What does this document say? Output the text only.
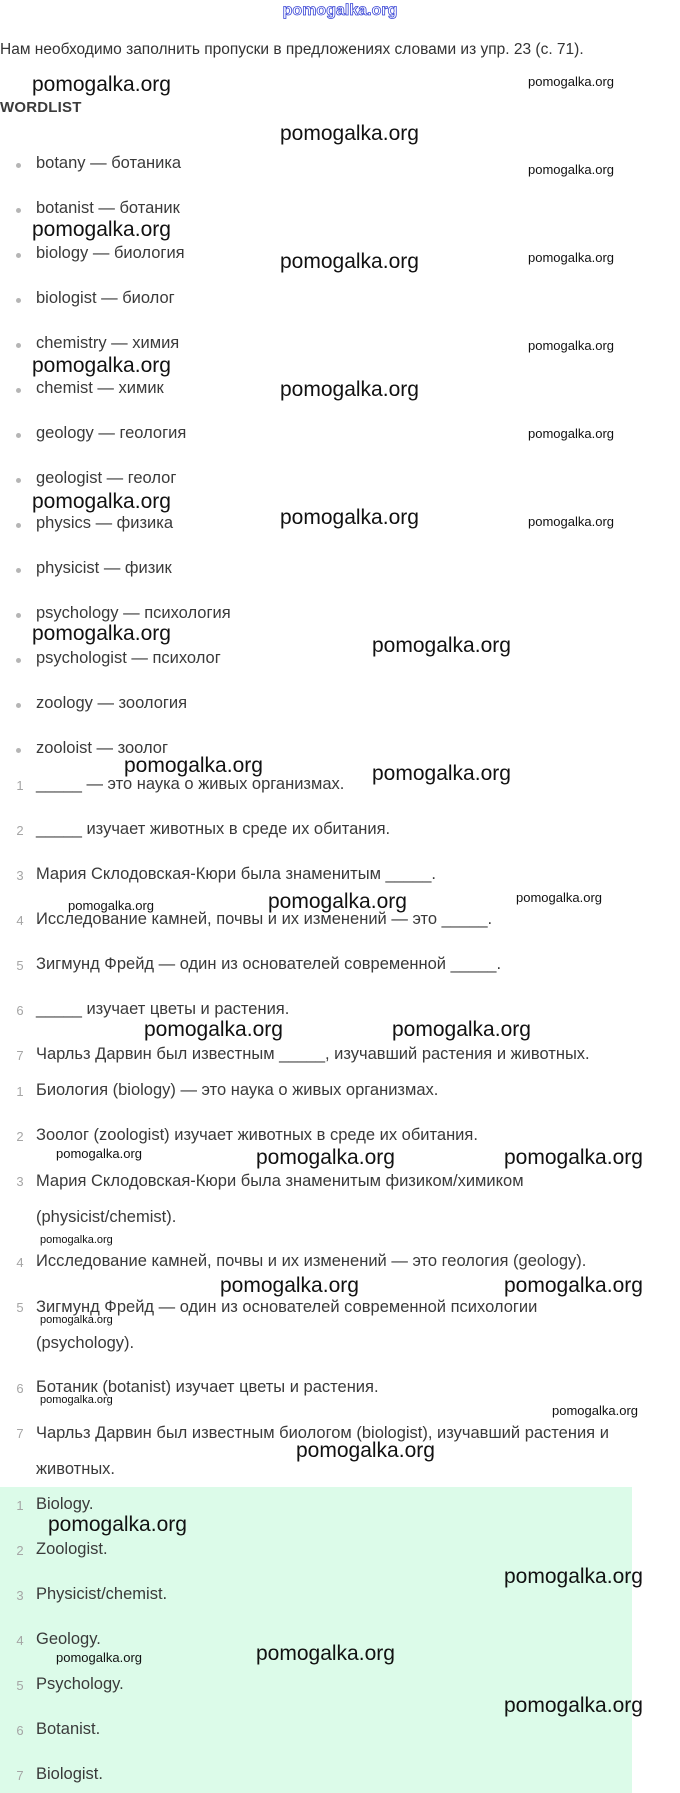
pomogalka.org
Нам необходимо заполнить пропуски в предложениях словами из упр. 23 (с. 71).
WORDLIST
botany — ботаника
botanist — ботаник
biology — биология
biologist — биолог
chemistry — химия
chemist — химик
geology — геология
geologist — геолог
physics — физика
physicist — физик
psychology — психология
psychologist — психолог
zoology — зоология
zooloist — зоолог
1 _____ — это наука о живых организмах.
2 _____ изучает животных в среде их обитания.
3 Мария Склодовская-Кюри была знаменитым _____.
4 Исследование камней, почвы и их изменений — это _____.
5 Зигмунд Фрейд — один из основателей современной _____.
6 _____ изучает цветы и растения.
7 Чарльз Дарвин был известным _____, изучавший растения и животных.
1 Биология (biology) — это наука о живых организмах.
2 Зоолог (zoologist) изучает животных в среде их обитания.
3 Мария Склодовская-Кюри была знаменитым физиком/химиком (physicist/chemist).
4 Исследование камней, почвы и их изменений — это геология (geology).
5 Зигмунд Фрейд — один из основателей современной психологии (psychology).
6 Ботаник (botanist) изучает цветы и растения.
7 Чарльз Дарвин был известным биологом (biologist), изучавший растения и животных.
1 Biology.
2 Zoologist.
3 Physicist/chemist.
4 Geology.
5 Psychology.
6 Botanist.
7 Biologist.
pomogalka.org	pomogalka.org
pomogalka.org
pomogalka.org
pomogalka.org
pomogalka.org	pomogalka.org
pomogalka.org
pomogalka.org
pomogalka.org
pomogalka.org
pomogalka.org
pomogalka.org	pomogalka.org
pomogalka.org
pomogalka.org
pomogalka.org	pomogalka.org
pomogalka.org
pomogalka.org
pomogalka.org
pomogalka.org	pomogalka.org
pomogalka.org	pomogalka.org	pomogalka.org
pomogalka.org
pomogalka.org	pomogalka.org
pomogalka.org
pomogalka.org
pomogalka.org
pomogalka.org
pomogalka.org
pomogalka.org
pomogalka.org	pomogalka.org
pomogalka.org
